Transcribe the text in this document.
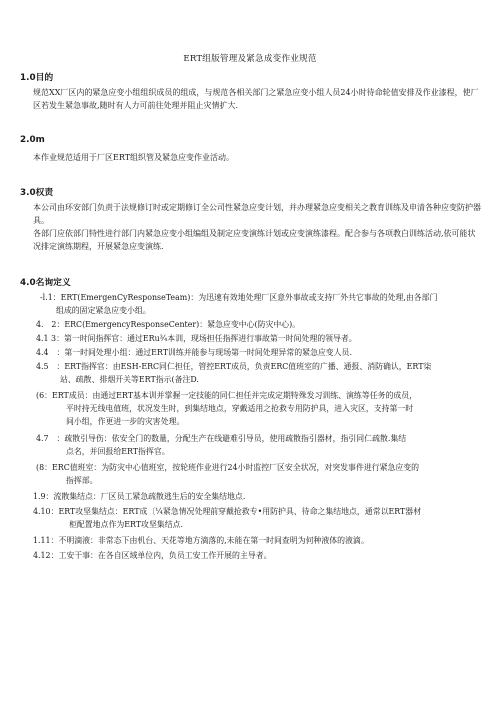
ERT组版管理及紧急成变作业规范
1.0目的
规范XX厂区内的紧急应变小组组织成员的组成，与规范各相关部门之紧急应变小组人员24小时待命轮值安排及作业漆程，使厂区若发生紧急事故,随时有人力可前往处理并阻止灾情扩大.
2.0m
本作业规范适用于厂区ERT组织管及紧急应变作业活动。
3.0权责
本公司由环安部门负责于法规修订时或定期修订全公司性紧急应变计划，并办理紧急应变相关之教育训练及申清各种应变防护器具。
各部门应依部门特性进行部门内紧急应变小组编组及制定应变演练计划或应变演练漆程。配合参与各项教白训练活动,依可能状况排定演练期程，开展紧急应变演练.
4.0名询定义
-l.1：ERT(EmergenCyResponseTeam)：为迅速有效地处理厂区意外事故或支持厂外共它事故的处理,由各部门
组成的固定紧急应变小组。
4.　2：ERC(EmergencyResponseCenter)：紧急应变中心(防灾中心)。
4.1 3：第一时间指挥官：通过ERu¾本训，现场担任指挥进行事故第一时间处理的领导者。
4.4　：第一时间处理小组：通过ERT训练并能参与现场第一时间处理异常的紧急应变人员.
4.5　：ERT指挥官：由ESH-ERC同仁担任，管控ERT成员，负责ERC值班室的广播、通报、消防确认，ERT柒
站、疏散、排烟开关等ERT指示(备注D.
(6：ERT成员：由通过ERT基本训并掌握一定技能的同仁担任并完成定期特殊发习训练、演练等任务的成员，
平时持无线电值班，状况发生时，到集结地点，穿戴适用之抢救专用防护具，进入灾区，支持第一时
间小组，作更进一步的灾害处理。
4.7　：疏散引导伤：依安全门的数量，分配生产在线避难引导员，使用疏散指引器材，指引同仁疏散.集结
点名，并回报给ERT指挥官。
(8：ERC值班室：为防灾中心值班室，按轮班作业进行24小时监控厂区安全状况，对突发事件进行紧急应变的
指挥部。
1.9：流散集结点：厂区员工紧急疏散逃生后的安全集结地点.
4.10：ERT攻坚集结点：ERT成〔¼紧急情况处理前穿戴抢救专•用防护具、待命之集结地点，通常以ERT器材
柜配置地点作为ERT攻坚集结点.
1.11：不明滴液：非常态下由机台、天花等地方滴落的,未能在第一时间查明为何种液体的液滴。
4.12：工安干事：在各自区域单位内，负员工安工作开展的主导者。
